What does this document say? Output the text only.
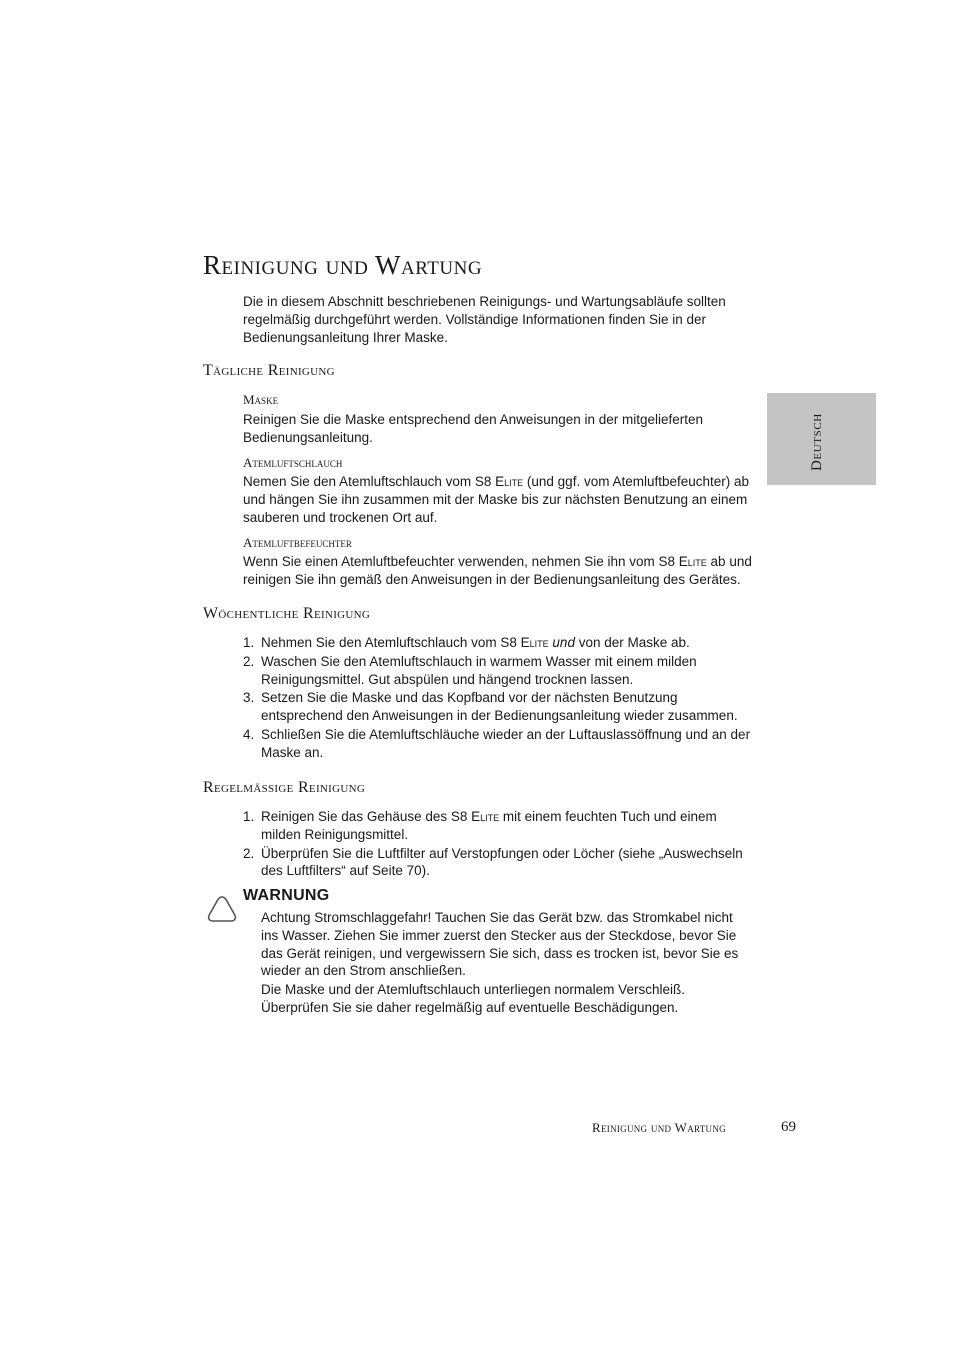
Reinigung und Wartung

Die in diesem Abschnitt beschriebenen Reinigungs- und Wartungsabläufe sollten regelmäßig durchgeführt werden. Vollständige Informationen finden Sie in der Bedienungsanleitung Ihrer Maske.

Deutsch
Tägliche Reinigung
Maske

Reinigen Sie die Maske entsprechend den Anweisungen in der mitgelieferten Bedienungsanleitung.

Atemluftschlauch

Nemen Sie den Atemluftschlauch vom S8 Elite (und ggf. vom Atemluftbefeuchter) ab und hängen Sie ihn zusammen mit der Maske bis zur nächsten Benutzung an einem sauberen und trockenen Ort auf.

Atemluftbefeuchter

Wenn Sie einen Atemluftbefeuchter verwenden, nehmen Sie ihn vom S8 Elite ab und reinigen Sie ihn gemäß den Anweisungen in der Bedienungsanleitung des Gerätes.

Wöchentliche Reinigung
1. Nehmen Sie den Atemluftschlauch vom S8 Elite und von der Maske ab.
2. Waschen Sie den Atemluftschlauch in warmem Wasser mit einem milden Reinigungsmittel. Gut abspülen und hängend trocknen lassen.
3. Setzen Sie die Maske und das Kopfband vor der nächsten Benutzung entsprechend den Anweisungen in der Bedienungsanleitung wieder zusammen.
4. Schließen Sie die Atemluftschläuche wieder an der Luftauslassöffnung und an der Maske an.
Regelmässige Reinigung
1. Reinigen Sie das Gehäuse des S8 Elite mit einem feuchten Tuch und einem milden Reinigungsmittel.
2. Überprüfen Sie die Luftfilter auf Verstopfungen oder Löcher (siehe „Auswechseln des Luftfilters“ auf Seite 70).
WARNUNG

Achtung Stromschlaggefahr! Tauchen Sie das Gerät bzw. das Stromkabel nicht ins Wasser. Ziehen Sie immer zuerst den Stecker aus der Steckdose, bevor Sie das Gerät reinigen, und vergewissern Sie sich, dass es trocken ist, bevor Sie es wieder an den Strom anschließen.

Die Maske und der Atemluftschlauch unterliegen normalem Verschleiß. Überprüfen Sie sie daher regelmäßig auf eventuelle Beschädigungen.

Reinigung und Wartung	69
